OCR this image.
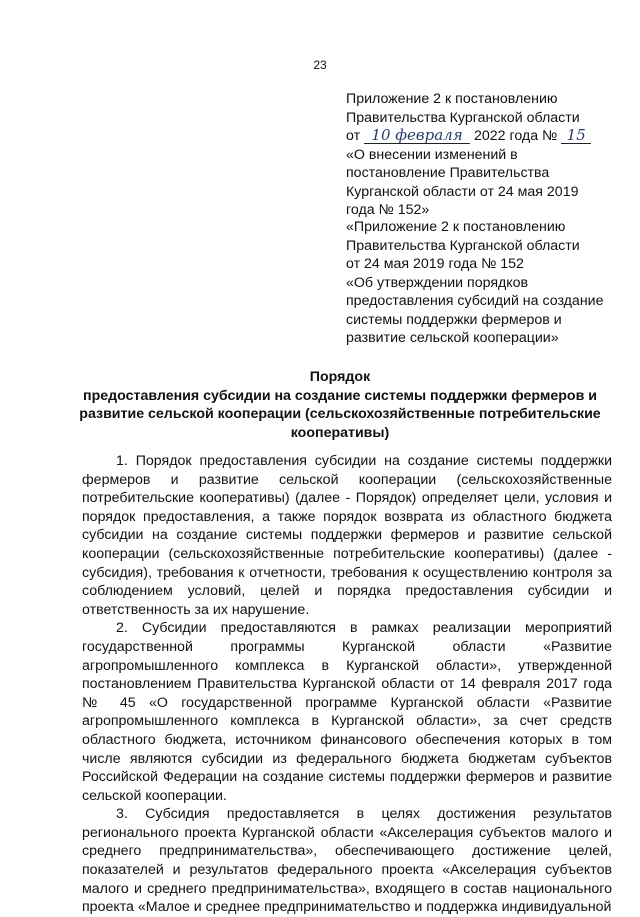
23
Приложение 2 к постановлению
Правительства Курганской области
от 10 февраля 2022 года № 15
«О внесении изменений в
постановление Правительства
Курганской области от 24 мая 2019
года № 152»
«Приложение 2 к постановлению
Правительства Курганской области
от 24 мая 2019 года № 152
«Об утверждении порядков
предоставления субсидий на создание
системы поддержки фермеров и
развитие сельской кооперации»
Порядок
предоставления субсидии на создание системы поддержки фермеров и развитие сельской кооперации (сельскохозяйственные потребительские кооперативы)

1. Порядок предоставления субсидии на создание системы поддержки фермеров и развитие сельской кооперации (сельскохозяйственные потребительские кооперативы) (далее - Порядок) определяет цели, условия и порядок предоставления, а также порядок возврата из областного бюджета субсидии на создание системы поддержки фермеров и развитие сельской кооперации (сельскохозяйственные потребительские кооперативы) (далее - субсидия), требования к отчетности, требования к осуществлению контроля за соблюдением условий, целей и порядка предоставления субсидии и ответственность за их нарушение.

2. Субсидии предоставляются в рамках реализации мероприятий государственной программы Курганской области «Развитие агропромышленного комплекса в Курганской области», утвержденной постановлением Правительства Курганской области от 14 февраля 2017 года № 45 «О государственной программе Курганской области «Развитие агропромышленного комплекса в Курганской области», за счет средств областного бюджета, источником финансового обеспечения которых в том числе являются субсидии из федерального бюджета бюджетам субъектов Российской Федерации на создание системы поддержки фермеров и развитие сельской кооперации.

3. Субсидия предоставляется в целях достижения результатов регионального проекта Курганской области «Акселерация субъектов малого и среднего предпринимательства», обеспечивающего достижение целей, показателей и результатов федерального проекта «Акселерация субъектов малого и среднего предпринимательства», входящего в состав национального проекта «Малое и среднее предпринимательство и поддержка индивидуальной
